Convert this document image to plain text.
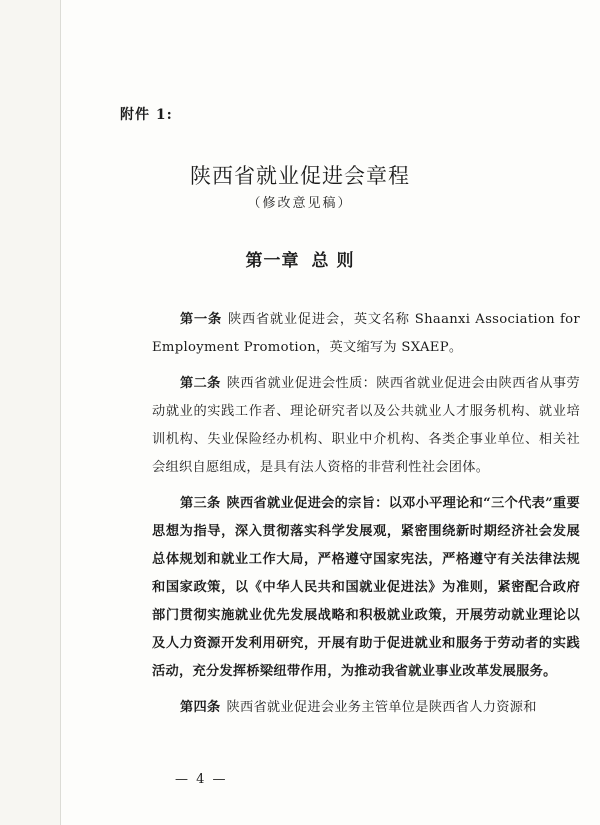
附件 1:
陕西省就业促进会章程
（修改意见稿）
第一章 总 则

第一条 陕西省就业促进会，英文名称 Shaanxi Association for Employment Promotion，英文缩写为 SXAEP。

第二条 陕西省就业促进会性质：陕西省就业促进会由陕西省从事劳动就业的实践工作者、理论研究者以及公共就业人才服务机构、就业培训机构、失业保险经办机构、职业中介机构、各类企事业单位、相关社会组织自愿组成，是具有法人资格的非营利性社会团体。

第三条 陕西省就业促进会的宗旨：以邓小平理论和“三个代表”重要思想为指导，深入贯彻落实科学发展观，紧密围绕新时期经济社会发展总体规划和就业工作大局，严格遵守国家宪法，严格遵守有关法律法规和国家政策，以《中华人民共和国就业促进法》为准则，紧密配合政府部门贯彻实施就业优先发展战略和积极就业政策，开展劳动就业理论以及人力资源开发利用研究，开展有助于促进就业和服务于劳动者的实践活动，充分发挥桥梁纽带作用，为推动我省就业事业改革发展服务。

第四条 陕西省就业促进会业务主管单位是陕西省人力资源和

— 4 —
